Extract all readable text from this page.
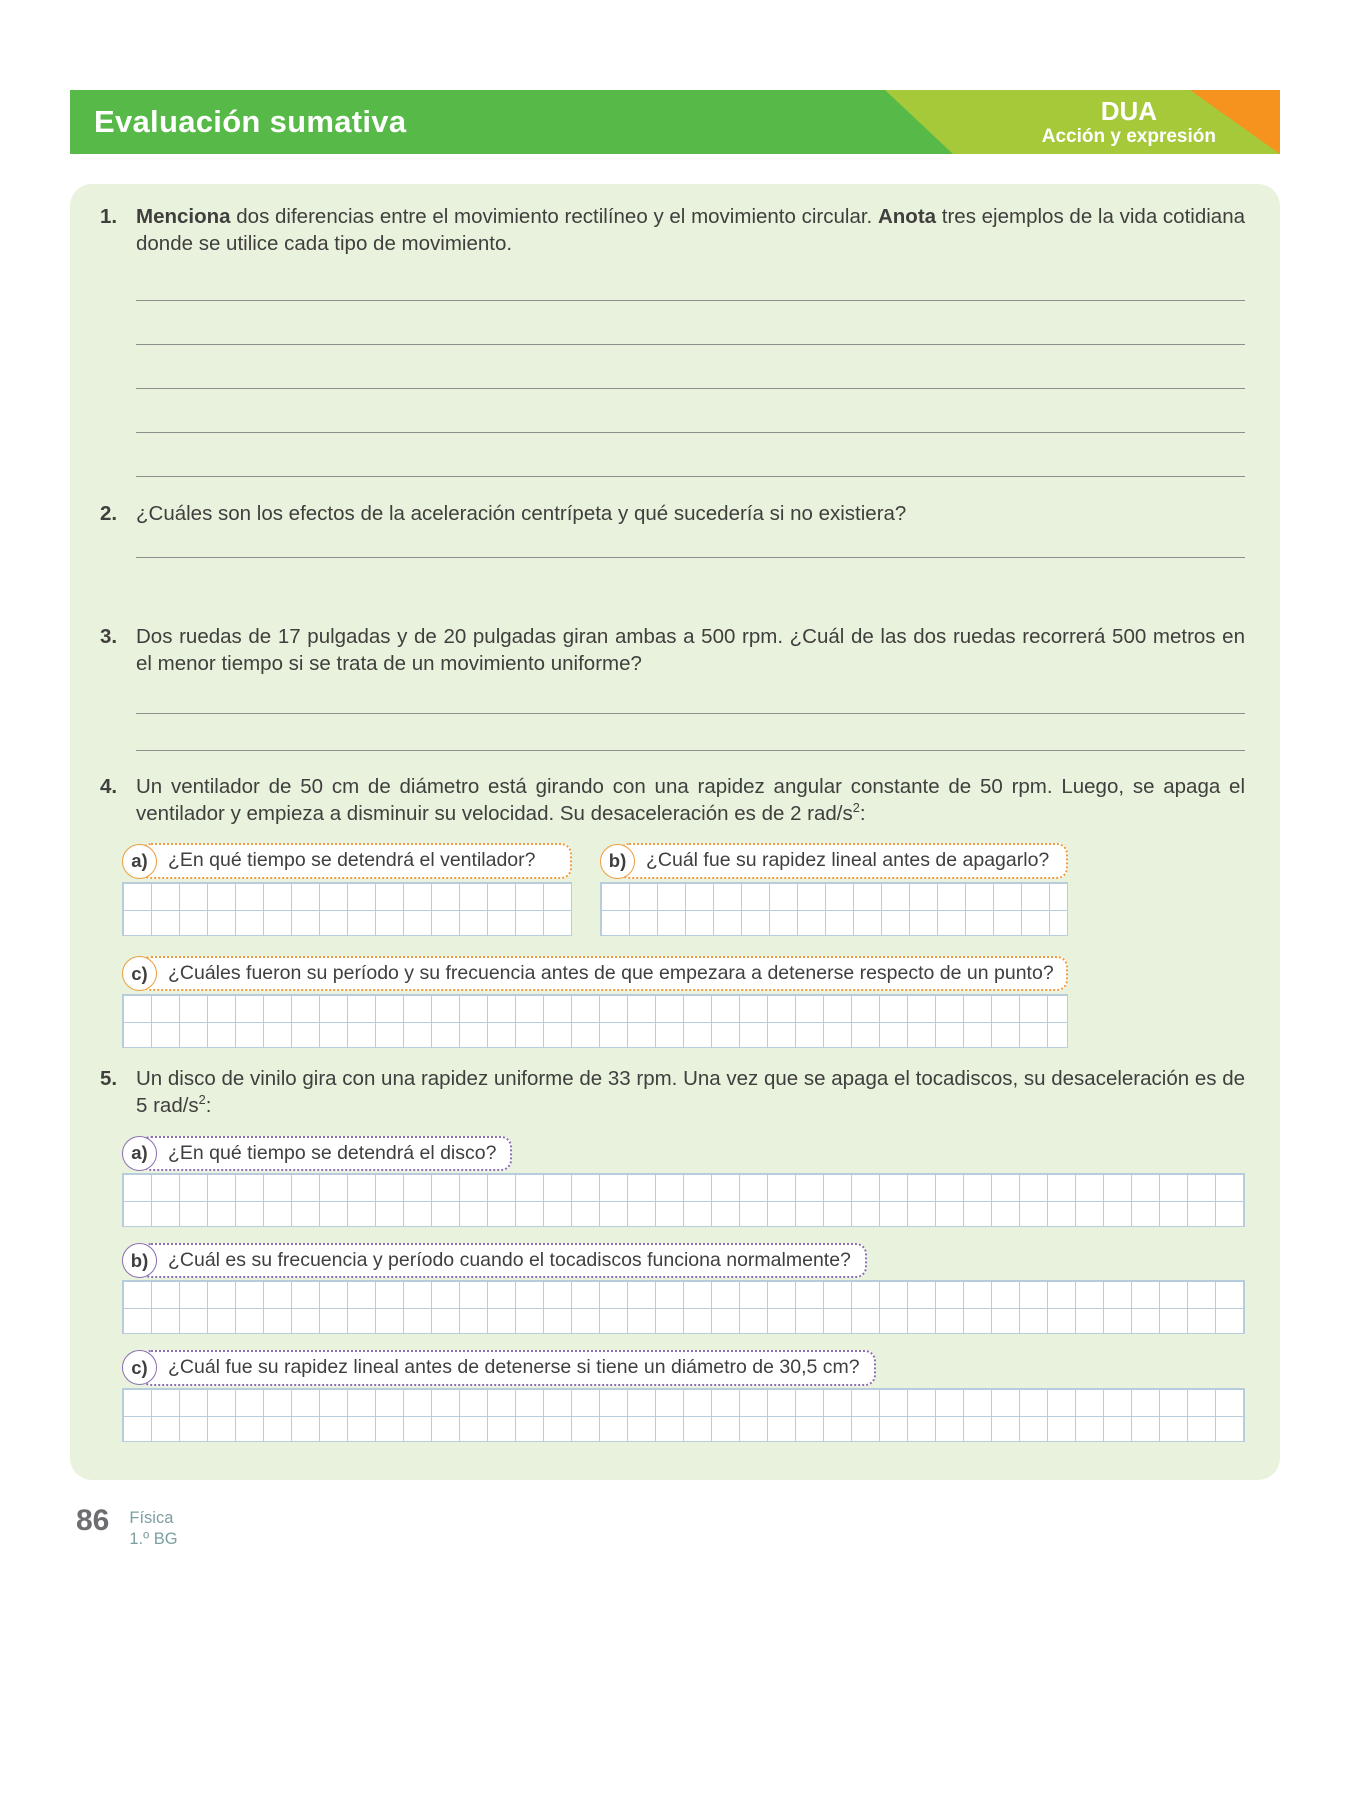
Evaluación sumativa	DUA
Acción y expresión
1. Menciona dos diferencias entre el movimiento rectilíneo y el movimiento circular. Anota tres ejemplos de la vida cotidiana donde se utilice cada tipo de movimiento.

2. ¿Cuáles son los efectos de la aceleración centrípeta y qué sucedería si no existiera?

3. Dos ruedas de 17 pulgadas y de 20 pulgadas giran ambas a 500 rpm. ¿Cuál de las dos ruedas recorrerá 500 metros en el menor tiempo si se trata de un movimiento uniforme?

4. Un ventilador de 50 cm de diámetro está girando con una rapidez angular constante de 50 rpm. Luego, se apaga el ventilador y empieza a disminuir su velocidad. Su desaceleración es de 2 rad/$s^2$:

a)	¿En qué tiempo se detendrá el ventilador?	b)	¿Cuál fue su rapidez lineal antes de apagarlo?
c)	¿Cuáles fueron su período y su frecuencia antes de que empezara a detenerse respecto de un punto?
5. Un disco de vinilo gira con una rapidez uniforme de 33 rpm. Una vez que se apaga el tocadiscos, su desaceleración es de 5 rad/$s^2$:

a)	¿En qué tiempo se detendrá el disco?
b)	¿Cuál es su frecuencia y período cuando el tocadiscos funciona normalmente?
c)	¿Cuál fue su rapidez lineal antes de detenerse si tiene un diámetro de 30,5 cm?
86 Física
1.º BG
